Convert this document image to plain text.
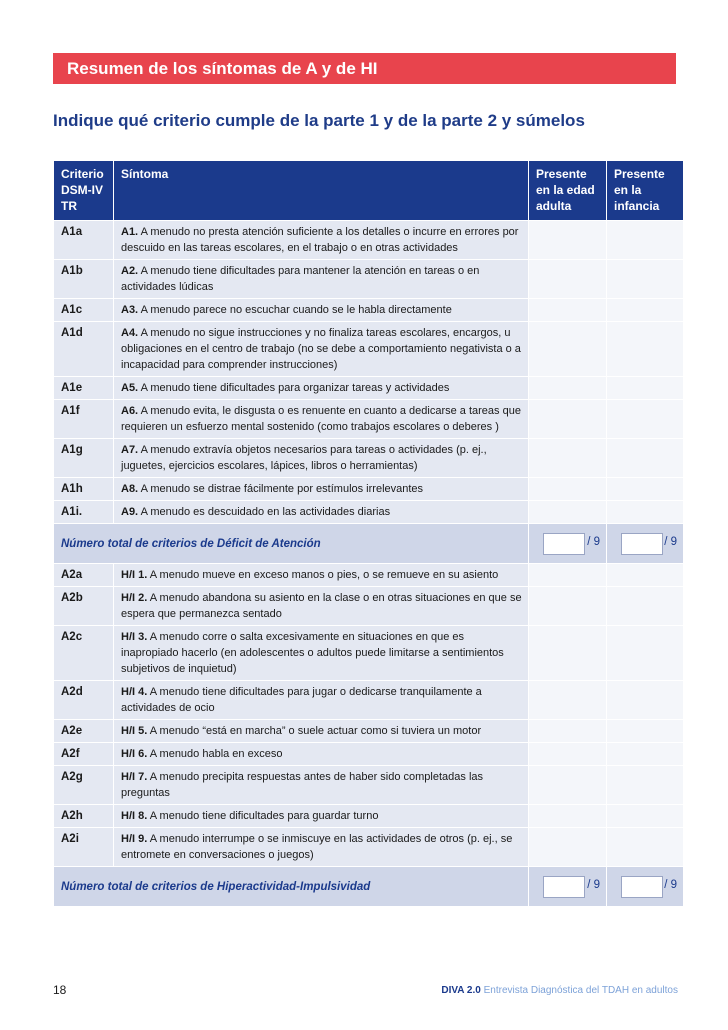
Resumen de los síntomas de A y de HI
Indique qué criterio cumple de la parte 1 y de la parte 2 y súmelos
Criterio DSM-IV TR	Síntoma	Presente en la edad adulta	Presente en la infancia
A1a	A1. A menudo no presta atención suficiente a los detalles o incurre en errores por descuido en las tareas escolares, en el trabajo o en otras actividades		
A1b	A2. A menudo tiene dificultades para mantener la atención en tareas o en actividades lúdicas		
A1c	A3. A menudo parece no escuchar cuando se le habla directamente		
A1d	A4. A menudo no sigue instrucciones y no finaliza tareas escolares, encargos, u obligaciones en el centro de trabajo (no se debe a comportamiento negativista o a incapacidad para comprender instrucciones)		
A1e	A5. A menudo tiene dificultades para organizar tareas y actividades		
A1f	A6. A menudo evita, le disgusta o es renuente en cuanto a dedicarse a tareas que requieren un esfuerzo mental sostenido (como trabajos escolares o deberes )		
A1g	A7. A menudo extravía objetos necesarios para tareas o actividades (p. ej., juguetes, ejercicios escolares, lápices, libros o herramientas)		
A1h	A8. A menudo se distrae fácilmente por estímulos irrelevantes		
A1i.	A9. A menudo es descuidado en las actividades diarias		
Número total de criterios de Déficit de Atención		/ 9	/ 9

A2a	H/I 1. A menudo mueve en exceso manos o pies, o se remueve en su asiento		
A2b	H/I 2. A menudo abandona su asiento en la clase o en otras situaciones en que se espera que permanezca sentado		
A2c	H/I 3. A menudo corre o salta excesivamente en situaciones en que es inapropiado hacerlo (en adolescentes o adultos puede limitarse a sentimientos subjetivos de inquietud)		
A2d	H/I 4. A menudo tiene dificultades para jugar o dedicarse tranquilamente a actividades de ocio		
A2e	H/I 5. A menudo “está en marcha” o suele actuar como si tuviera un motor		
A2f	H/I 6. A menudo habla en exceso		
A2g	H/I 7. A menudo precipita respuestas antes de haber sido completadas las preguntas		
A2h	H/I 8. A menudo tiene dificultades para guardar turno		
A2i	H/I 9. A menudo interrumpe o se inmiscuye en las actividades de otros (p. ej., se entromete en conversaciones o juegos)		
Número total de criterios de Hiperactividad-Impulsividad		/ 9	/ 9
18	DIVA 2.0 Entrevista Diagnóstica del TDAH en adultos
